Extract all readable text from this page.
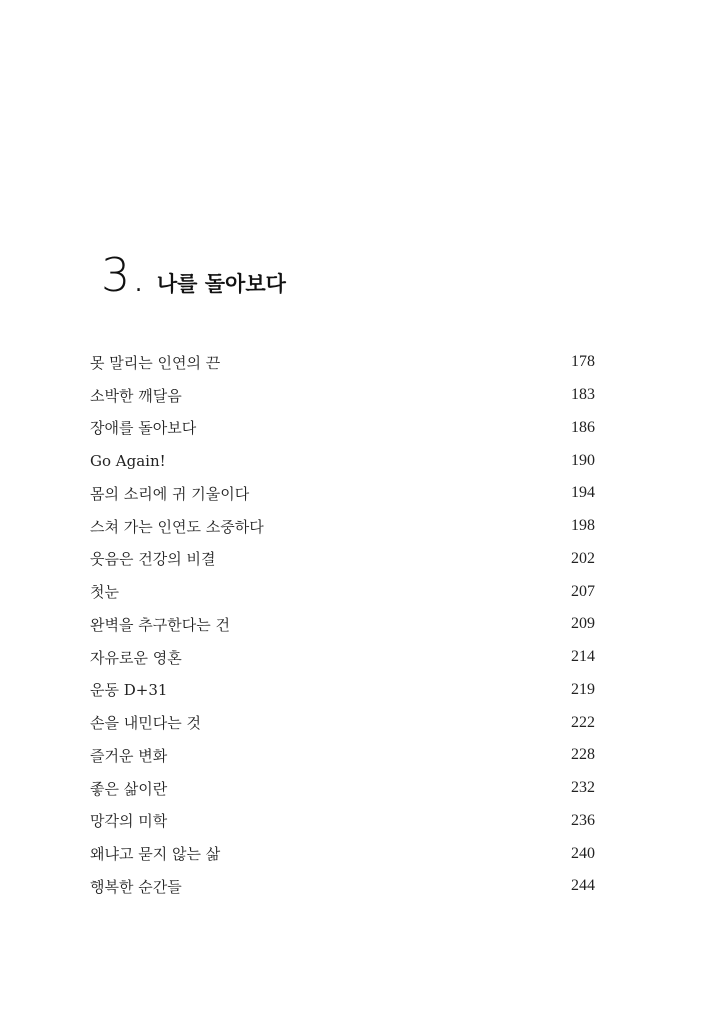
3. 나를 돌아보다
못 말리는 인연의 끈	178
소박한 깨달음	183
장애를 돌아보다	186
Go Again!	190
몸의 소리에 귀 기울이다	194
스쳐 가는 인연도 소중하다	198
웃음은 건강의 비결	202
첫눈	207
완벽을 추구한다는 건	209
자유로운 영혼	214
운동 D+31	219
손을 내민다는 것	222
즐거운 변화	228
좋은 삶이란	232
망각의 미학	236
왜냐고 묻지 않는 삶	240
행복한 순간들	244
